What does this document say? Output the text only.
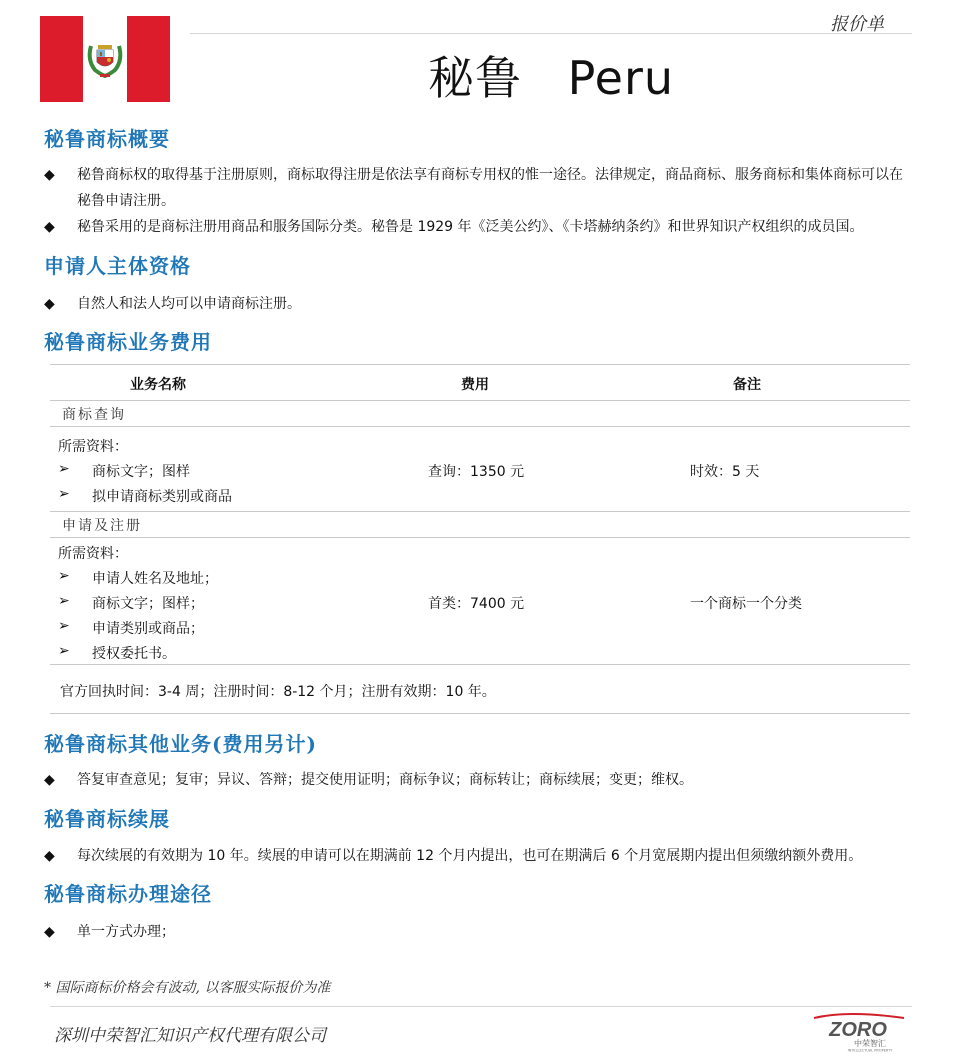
报价单
秘鲁 Peru
秘鲁商标概要
◆	秘鲁商标权的取得基于注册原则，商标取得注册是依法享有商标专用权的惟一途径。法律规定，商品商标、服务商标和集体商标可以在秘鲁申请注册。
◆	秘鲁采用的是商标注册用商品和服务国际分类。秘鲁是 1929 年《泛美公约》、《卡塔赫纳条约》和世界知识产权组织的成员国。
申请人主体资格
◆	自然人和法人均可以申请商标注册。
秘鲁商标业务费用
业务名称	费用	备注
商标查询
所需资料：
➢	商标文字；图样
➢	拟申请商标类别或商品
查询：1350 元	时效：5 天
申请及注册
所需资料：
➢	申请人姓名及地址；
➢	商标文字；图样；
➢	申请类别或商品；
➢	授权委托书。
首类：7400 元	一个商标一个分类
官方回执时间：3-4 周；注册时间：8-12 个月；注册有效期：10 年。
秘鲁商标其他业务(费用另计)
◆	答复审查意见；复审；异议、答辩；提交使用证明；商标争议；商标转让；商标续展；变更；维权。
秘鲁商标续展
◆	每次续展的有效期为 10 年。续展的申请可以在期满前 12 个月内提出，也可在期满后 6 个月宽展期内提出但须缴纳额外费用。
秘鲁商标办理途径
◆	单一方式办理；
* 国际商标价格会有波动, 以客服实际报价为准
深圳中荣智汇知识产权代理有限公司	ZORO
中荣智汇
INTELLECTUAL PROPERTY
